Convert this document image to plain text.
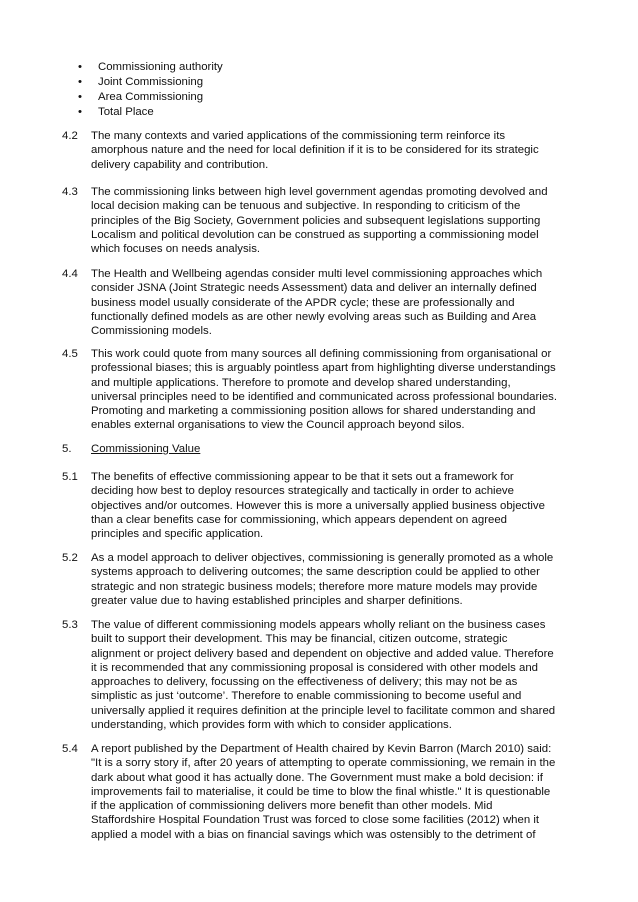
• Commissioning authority
• Joint Commissioning
• Area Commissioning
• Total Place
4.2	The many contexts and varied applications of the commissioning term reinforce its
amorphous nature and the need for local definition if it is to be considered for its strategic
delivery capability and contribution.
4.3	The commissioning links between high level government agendas promoting devolved and
local decision making can be tenuous and subjective. In responding to criticism of the
principles of the Big Society, Government policies and subsequent legislations supporting
Localism and political devolution can be construed as supporting a commissioning model
which focuses on needs analysis.
4.4	The Health and Wellbeing agendas consider multi level commissioning approaches which
consider JSNA (Joint Strategic needs Assessment) data and deliver an internally defined
business model usually considerate of the APDR cycle; these are professionally and
functionally defined models as are other newly evolving areas such as Building and Area
Commissioning models.
4.5	This work could quote from many sources all defining commissioning from organisational or
professional biases; this is arguably pointless apart from highlighting diverse understandings
and multiple applications. Therefore to promote and develop shared understanding,
universal principles need to be identified and communicated across professional boundaries.
Promoting and marketing a commissioning position allows for shared understanding and
enables external organisations to view the Council approach beyond silos.
5.	Commissioning Value
5.1	The benefits of effective commissioning appear to be that it sets out a framework for
deciding how best to deploy resources strategically and tactically in order to achieve
objectives and/or outcomes. However this is more a universally applied business objective
than a clear benefits case for commissioning, which appears dependent on agreed
principles and specific application.
5.2	As a model approach to deliver objectives, commissioning is generally promoted as a whole
systems approach to delivering outcomes; the same description could be applied to other
strategic and non strategic business models; therefore more mature models may provide
greater value due to having established principles and sharper definitions.
5.3	The value of different commissioning models appears wholly reliant on the business cases
built to support their development. This may be financial, citizen outcome, strategic
alignment or project delivery based and dependent on objective and added value. Therefore
it is recommended that any commissioning proposal is considered with other models and
approaches to delivery, focussing on the effectiveness of delivery; this may not be as
simplistic as just ‘outcome’. Therefore to enable commissioning to become useful and
universally applied it requires definition at the principle level to facilitate common and shared
understanding, which provides form with which to consider applications.
5.4	A report published by the Department of Health chaired by Kevin Barron (March 2010) said:
"It is a sorry story if, after 20 years of attempting to operate commissioning, we remain in the
dark about what good it has actually done. The Government must make a bold decision: if
improvements fail to materialise, it could be time to blow the final whistle." It is questionable
if the application of commissioning delivers more benefit than other models. Mid
Staffordshire Hospital Foundation Trust was forced to close some facilities (2012) when it
applied a model with a bias on financial savings which was ostensibly to the detriment of
